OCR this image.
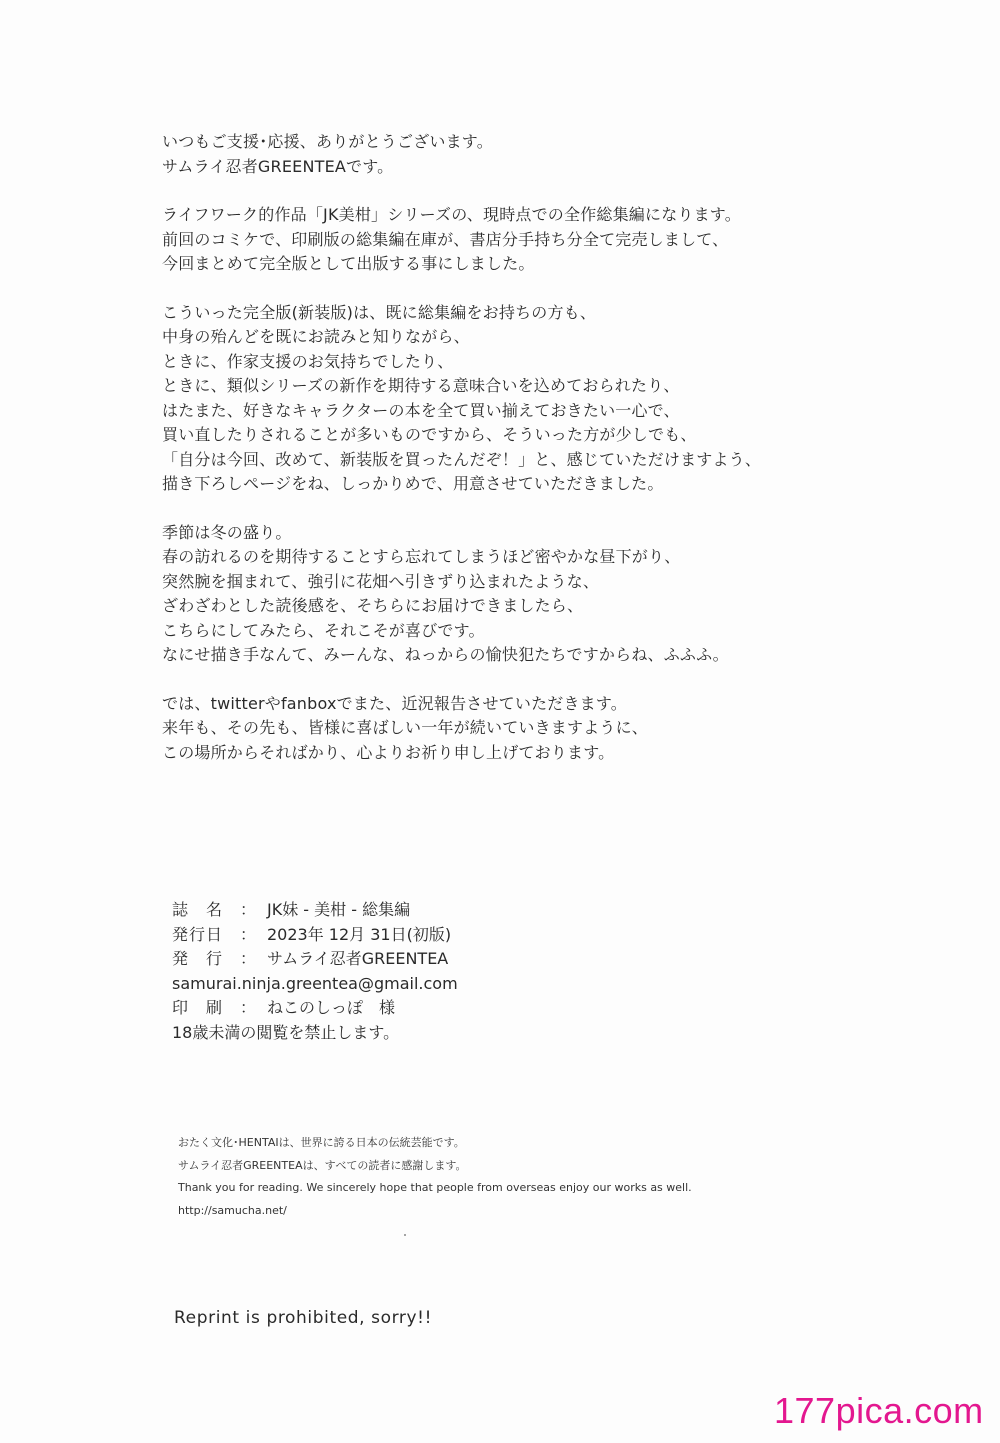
いつもご支援･応援、ありがとうございます。
サムライ忍者GREENTEAです。
ライフワーク的作品「JK美柑」シリーズの、現時点での全作総集編になります。
前回のコミケで、印刷版の総集編在庫が、書店分手持ち分全て完売しまして、
今回まとめて完全版として出版する事にしました。
こういった完全版(新装版)は、既に総集編をお持ちの方も、
中身の殆んどを既にお読みと知りながら、
ときに、作家支援のお気持ちでしたり、
ときに、類似シリーズの新作を期待する意味合いを込めておられたり、
はたまた、好きなキャラクターの本を全て買い揃えておきたい一心で、
買い直したりされることが多いものですから、そういった方が少しでも、
「自分は今回、改めて、新装版を買ったんだぞ！」と、感じていただけますよう、
描き下ろしページをね、しっかりめで、用意させていただきました。
季節は冬の盛り。
春の訪れるのを期待することすら忘れてしまうほど密やかな昼下がり、
突然腕を掴まれて、強引に花畑へ引きずり込まれたような、
ざわざわとした読後感を、そちらにお届けできましたら、
こちらにしてみたら、それこそが喜びです。
なにせ描き手なんて、みーんな、ねっからの愉快犯たちですからね、ふふふ。
では、twitterやfanboxでまた、近況報告させていただきます。
来年も、その先も、皆様に喜ばしい一年が続いていきますように、
この場所からそればかり、心よりお祈り申し上げております。
誌　名　： JK妹 - 美柑 - 総集編
発行日　： 2023年 12月 31日(初版)
発　行　： サムライ忍者GREENTEA
samurai.ninja.greentea@gmail.com
印　刷　： ねこのしっぽ　様
18歳未満の閲覧を禁止します。
おたく文化･HENTAIは、世界に誇る日本の伝統芸能です。
サムライ忍者GREENTEAは、すべての読者に感謝します。
Thank you for reading. We sincerely hope that people from overseas enjoy our works as well.
http://samucha.net/
Reprint is prohibited, sorry!!
177pica.com
